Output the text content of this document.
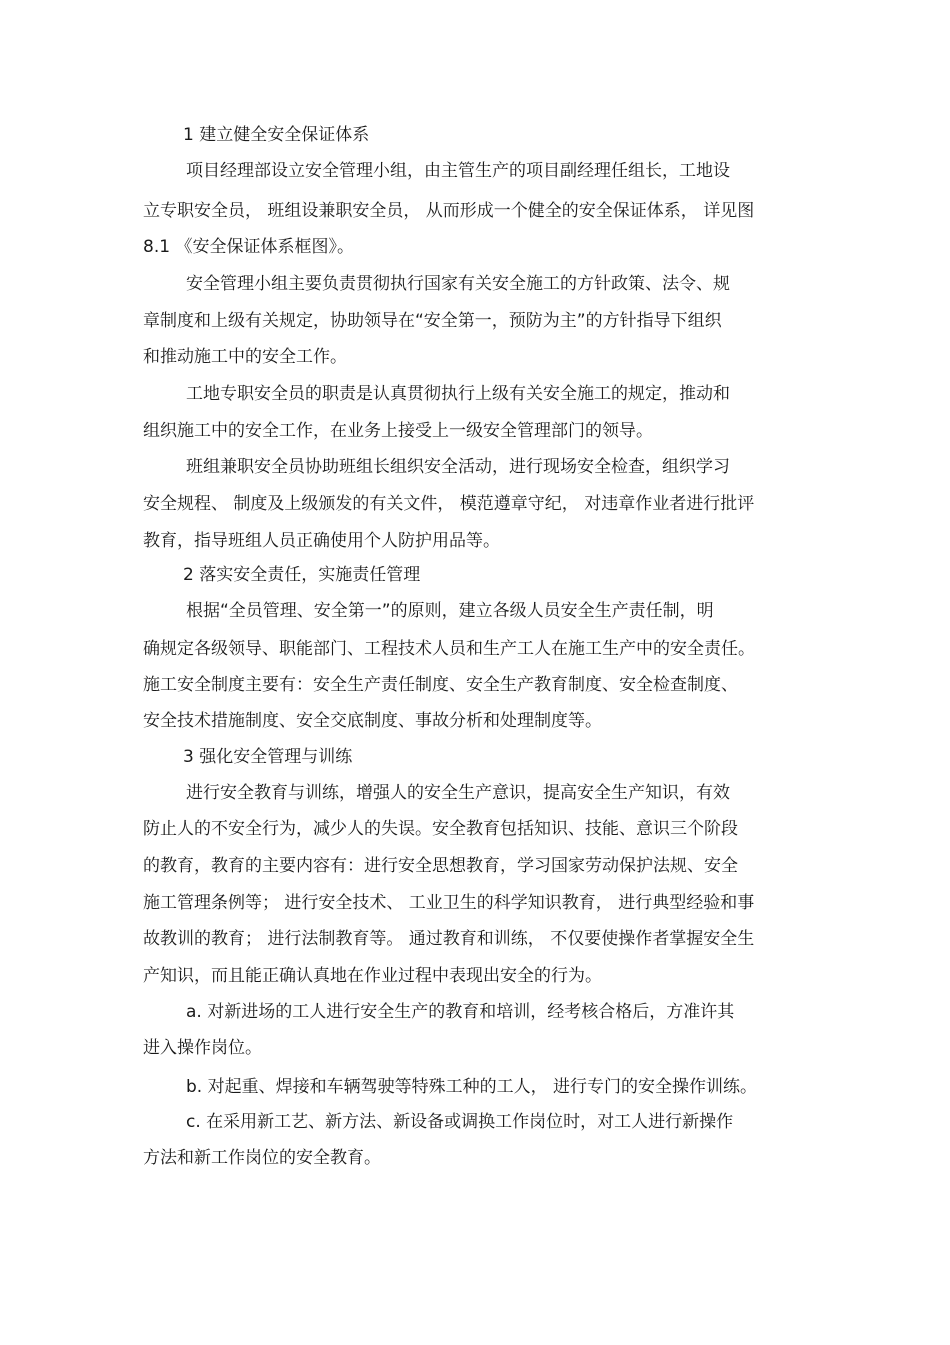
1 建立健全安全保证体系
项目经理部设立安全管理小组，由主管生产的项目副经理任组长，工地设
立专职安全员， 班组设兼职安全员， 从而形成一个健全的安全保证体系， 详见图
8.1 《安全保证体系框图》。
安全管理小组主要负责贯彻执行国家有关安全施工的方针政策、法令、规
章制度和上级有关规定，协助领导在“安全第一，预防为主”的方针指导下组织
和推动施工中的安全工作。
工地专职安全员的职责是认真贯彻执行上级有关安全施工的规定，推动和
组织施工中的安全工作，在业务上接受上一级安全管理部门的领导。
班组兼职安全员协助班组长组织安全活动，进行现场安全检查，组织学习
安全规程、 制度及上级颁发的有关文件， 模范遵章守纪， 对违章作业者进行批评
教育，指导班组人员正确使用个人防护用品等。
2 落实安全责任，实施责任管理
根据“全员管理、安全第一”的原则，建立各级人员安全生产责任制，明
确规定各级领导、职能部门、工程技术人员和生产工人在施工生产中的安全责任。
施工安全制度主要有：安全生产责任制度、安全生产教育制度、安全检查制度、
安全技术措施制度、安全交底制度、事故分析和处理制度等。
3 强化安全管理与训练
进行安全教育与训练，增强人的安全生产意识，提高安全生产知识，有效
防止人的不安全行为，减少人的失误。安全教育包括知识、技能、意识三个阶段
的教育，教育的主要内容有：进行安全思想教育，学习国家劳动保护法规、安全
施工管理条例等； 进行安全技术、 工业卫生的科学知识教育， 进行典型经验和事
故教训的教育； 进行法制教育等。 通过教育和训练， 不仅要使操作者掌握安全生
产知识，而且能正确认真地在作业过程中表现出安全的行为。
a. 对新进场的工人进行安全生产的教育和培训，经考核合格后，方准许其
进入操作岗位。
b. 对起重、焊接和车辆驾驶等特殊工种的工人， 进行专门的安全操作训练。
c. 在采用新工艺、新方法、新设备或调换工作岗位时，对工人进行新操作
方法和新工作岗位的安全教育。
